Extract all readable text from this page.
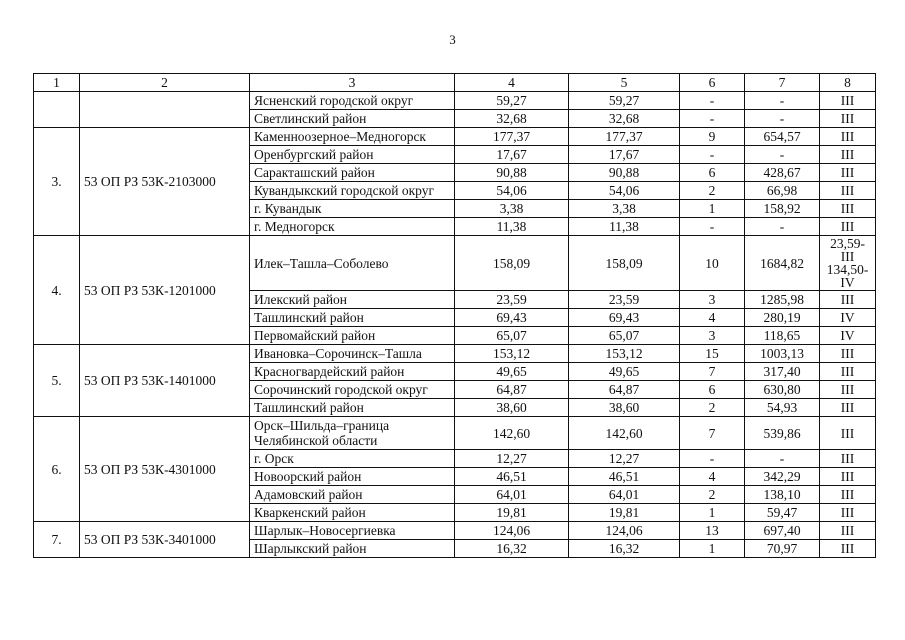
3
1	2	3	4	5	6	7	8
		Ясненский городской округ	59,27	59,27	-	-	III
		Светлинский район	32,68	32,68	-	-	III
3.	53 ОП РЗ 53К-2103000	Каменноозерное–Медногорск	177,37	177,37	9	654,57	III
		Оренбургский район	17,67	17,67	-	-	III
		Саракташский район	90,88	90,88	6	428,67	III
		Кувандыкский городской округ	54,06	54,06	2	66,98	III
		г. Кувандык	3,38	3,38	1	158,92	III
		г. Медногорск	11,38	11,38	-	-	III
4.	53 ОП РЗ 53К-1201000	Илек–Ташла–Соболево	158,09	158,09	10	1684,82	23,59-III
134,50-IV
		Илекский район	23,59	23,59	3	1285,98	III
		Ташлинский район	69,43	69,43	4	280,19	IV
		Первомайский район	65,07	65,07	3	118,65	IV
5.	53 ОП РЗ 53К-1401000	Ивановка–Сорочинск–Ташла	153,12	153,12	15	1003,13	III
		Красногвардейский район	49,65	49,65	7	317,40	III
		Сорочинский городской округ	64,87	64,87	6	630,80	III
		Ташлинский район	38,60	38,60	2	54,93	III
6.	53 ОП РЗ 53К-4301000	Орск–Шильда–граница Челябинской области	142,60	142,60	7	539,86	III
		г. Орск	12,27	12,27	-	-	III
		Новоорский район	46,51	46,51	4	342,29	III
		Адамовский район	64,01	64,01	2	138,10	III
		Кваркенский район	19,81	19,81	1	59,47	III
7.	53 ОП РЗ 53К-3401000	Шарлык–Новосергиевка	124,06	124,06	13	697,40	III
		Шарлыкский район	16,32	16,32	1	70,97	III
